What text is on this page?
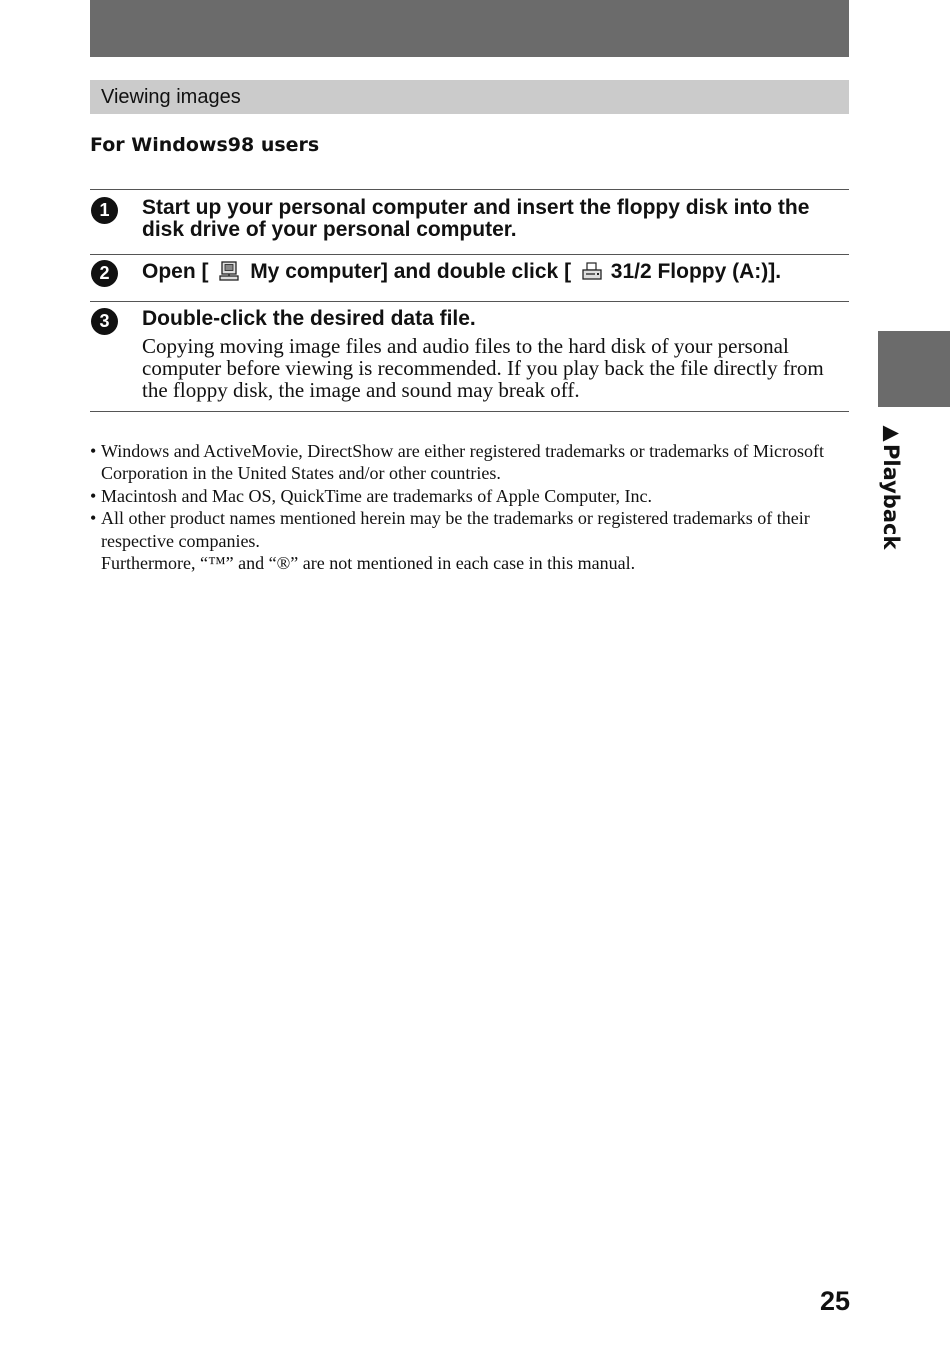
Viewing images
For Windows98 users
1	Start up your personal computer and insert the floppy disk into the disk drive of your personal computer.

2	Open [ My computer] and double click [ 31/2 Floppy (A:)].

3	Double-click the desired data file.

Copying moving image files and audio files to the hard disk of your personal computer before viewing is recommended. If you play back the file directly from the floppy disk, the image and sound may break off.

• Windows and ActiveMovie, DirectShow are either registered trademarks or trademarks of Microsoft Corporation in the United States and/or other countries.
• Macintosh and Mac OS, QuickTime are trademarks of Apple Computer, Inc.
• All other product names mentioned herein may be the trademarks or registered trademarks of their respective companies.
Furthermore, “™” and “®” are not mentioned in each case in this manual.
▶Playback
25
